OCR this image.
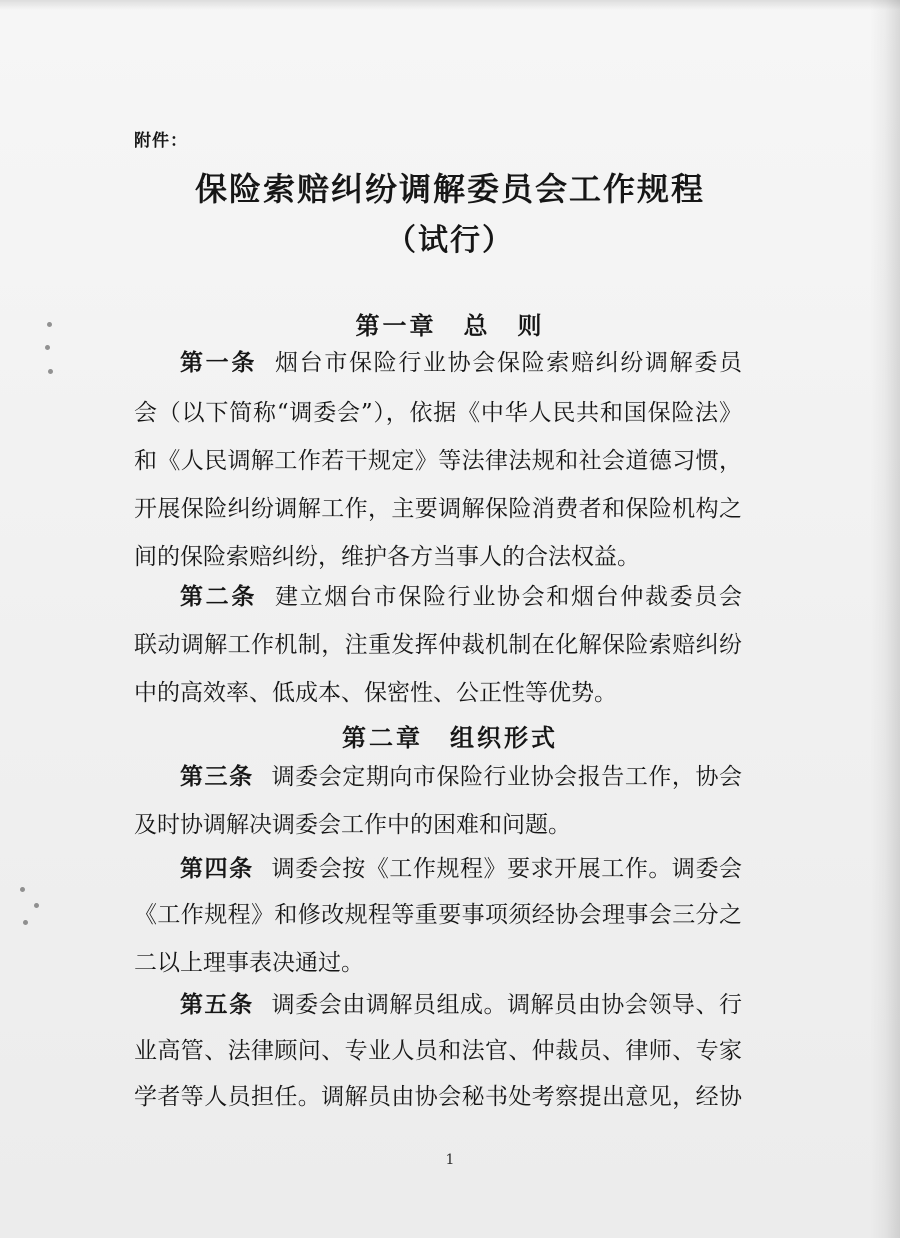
附件：
保险索赔纠纷调解委员会工作规程
（试行）
第一章　总　则
第一条 烟台市保险行业协会保险索赔纠纷调解委员
会（以下简称“调委会”），依据《中华人民共和国保险法》
和《人民调解工作若干规定》等法律法规和社会道德习惯，
开展保险纠纷调解工作，主要调解保险消费者和保险机构之
间的保险索赔纠纷，维护各方当事人的合法权益。
第二条 建立烟台市保险行业协会和烟台仲裁委员会
联动调解工作机制，注重发挥仲裁机制在化解保险索赔纠纷
中的高效率、低成本、保密性、公正性等优势。
第二章　组织形式
第三条 调委会定期向市保险行业协会报告工作，协会
及时协调解决调委会工作中的困难和问题。
第四条 调委会按《工作规程》要求开展工作。调委会
《工作规程》和修改规程等重要事项须经协会理事会三分之
二以上理事表决通过。
第五条 调委会由调解员组成。调解员由协会领导、行
业高管、法律顾问、专业人员和法官、仲裁员、律师、专家
学者等人员担任。调解员由协会秘书处考察提出意见，经协
1
